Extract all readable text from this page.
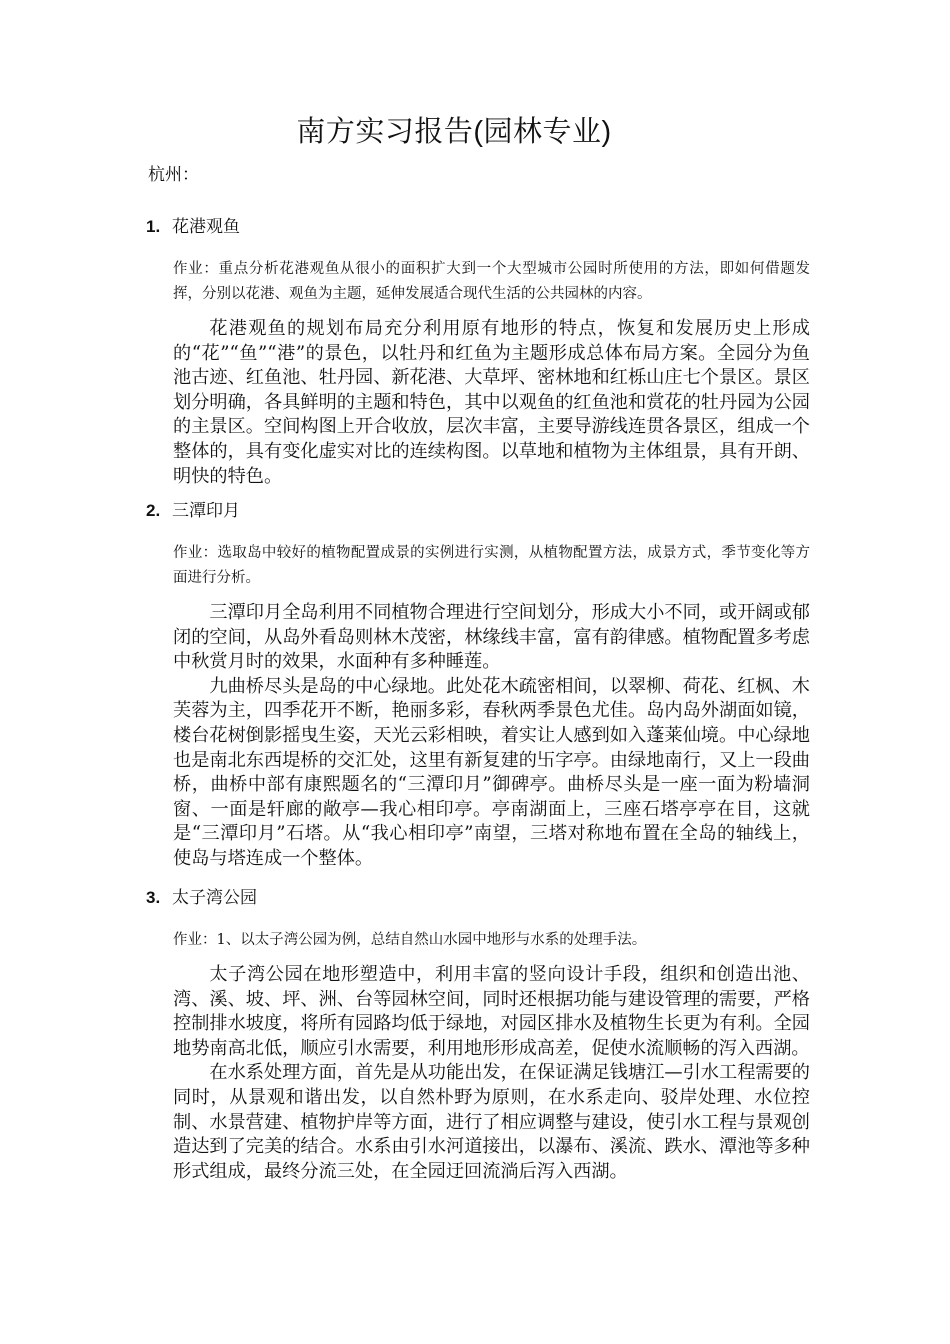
南方实习报告(园林专业)
杭州：
1. 花港观鱼
作业：重点分析花港观鱼从很小的面积扩大到一个大型城市公园时所使用的方法，即如何借题发挥，分别以花港、观鱼为主题，延伸发展适合现代生活的公共园林的内容。

花港观鱼的规划布局充分利用原有地形的特点，恢复和发展历史上形成的“花”“鱼”“港”的景色，以牡丹和红鱼为主题形成总体布局方案。全园分为鱼池古迹、红鱼池、牡丹园、新花港、大草坪、密林地和红栎山庄七个景区。景区划分明确，各具鲜明的主题和特色，其中以观鱼的红鱼池和赏花的牡丹园为公园的主景区。空间构图上开合收放，层次丰富，主要导游线连贯各景区，组成一个整体的，具有变化虚实对比的连续构图。以草地和植物为主体组景，具有开朗、明快的特色。

2. 三潭印月
作业：选取岛中较好的植物配置成景的实例进行实测，从植物配置方法，成景方式，季节变化等方面进行分析。

三潭印月全岛利用不同植物合理进行空间划分，形成大小不同，或开阔或郁闭的空间，从岛外看岛则林木茂密，林缘线丰富，富有韵律感。植物配置多考虑中秋赏月时的效果，水面种有多种睡莲。

九曲桥尽头是岛的中心绿地。此处花木疏密相间，以翠柳、荷花、红枫、木芙蓉为主，四季花开不断，艳丽多彩，春秋两季景色尤佳。岛内岛外湖面如镜，楼台花树倒影摇曳生姿，天光云彩相映，着实让人感到如入蓬莱仙境。中心绿地也是南北东西堤桥的交汇处，这里有新复建的卐字亭。由绿地南行，又上一段曲桥，曲桥中部有康熙题名的“三潭印月”御碑亭。曲桥尽头是一座一面为粉墙洞窗、一面是轩廊的敞亭—我心相印亭。亭南湖面上，三座石塔亭亭在目，这就是“三潭印月”石塔。从“我心相印亭”南望，三塔对称地布置在全岛的轴线上，使岛与塔连成一个整体。

3. 太子湾公园
作业：1、以太子湾公园为例，总结自然山水园中地形与水系的处理手法。

太子湾公园在地形塑造中，利用丰富的竖向设计手段，组织和创造出池、湾、溪、坡、坪、洲、台等园林空间，同时还根据功能与建设管理的需要，严格控制排水坡度，将所有园路均低于绿地，对园区排水及植物生长更为有利。全园地势南高北低，顺应引水需要，利用地形形成高差，促使水流顺畅的泻入西湖。

在水系处理方面，首先是从功能出发，在保证满足钱塘江—引水工程需要的同时，从景观和谐出发，以自然朴野为原则，在水系走向、驳岸处理、水位控制、水景营建、植物护岸等方面，进行了相应调整与建设，使引水工程与景观创造达到了完美的结合。水系由引水河道接出，以瀑布、溪流、跌水、潭池等多种形式组成，最终分流三处，在全园迂回流淌后泻入西湖。
